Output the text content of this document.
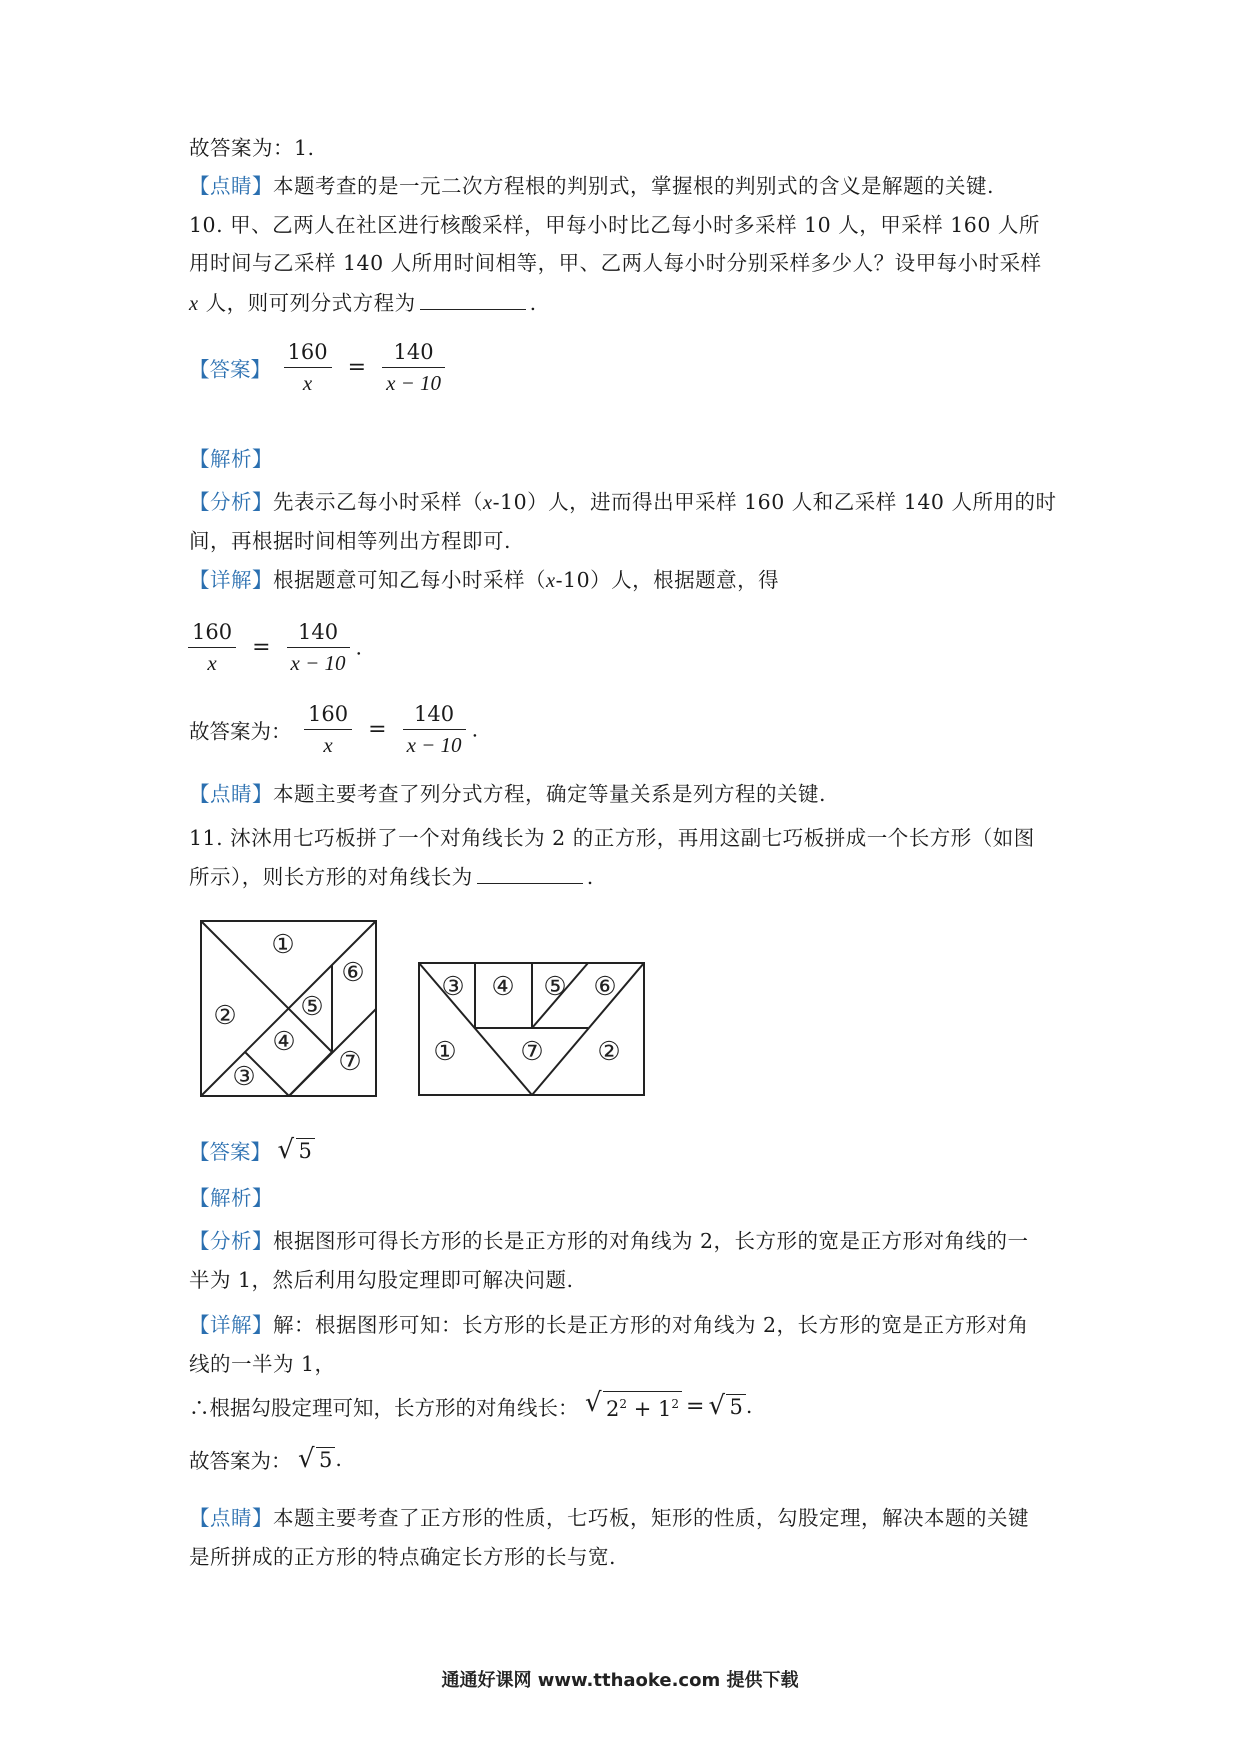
故答案为：1.
【点睛】本题考查的是一元二次方程根的判别式，掌握根的判别式的含义是解题的关键.
10. 甲、乙两人在社区进行核酸采样，甲每小时比乙每小时多采样 10 人，甲采样 160 人所
用时间与乙采样 140 人所用时间相等，甲、乙两人每小时分别采样多少人？设甲每小时采样
x 人，则可列分式方程为	.
【答案】 $\frac{160}{x} = \frac{140}{x - 10}$
【解析】
【分析】先表示乙每小时采样（x-10）人，进而得出甲采样 160 人和乙采样 140 人所用的时
间，再根据时间相等列出方程即可.
【详解】根据题意可知乙每小时采样（x-10）人，根据题意，得
$\frac{160}{x} = \frac{140}{x - 10}$ .
故答案为： $\frac{160}{x} = \frac{140}{x - 10}$ .
【点睛】本题主要考查了列分式方程，确定等量关系是列方程的关键.
11. 沐沐用七巧板拼了一个对角线长为 2 的正方形，再用这副七巧板拼成一个长方形（如图
所示），则长方形的对角线长为	.
①
②
③
④
⑤
⑥
⑦	①	②
③ ④ ⑤ ⑥
⑦
【答案】 √ 5
【解析】
【分析】根据图形可得长方形的长是正方形的对角线为 2，长方形的宽是正方形对角线的一
半为 1，然后利用勾股定理即可解决问题.
【详解】解：根据图形可知：长方形的长是正方形的对角线为 2，长方形的宽是正方形对角
线的一半为 1，
∴根据勾股定理可知，长方形的对角线长： √ $2^2 + 1^2$ = √ 5 .
故答案为： √ 5 .
【点睛】本题主要考查了正方形的性质，七巧板，矩形的性质，勾股定理，解决本题的关键
是所拼成的正方形的特点确定长方形的长与宽.
通通好课网 www.tthaoke.com 提供下载
